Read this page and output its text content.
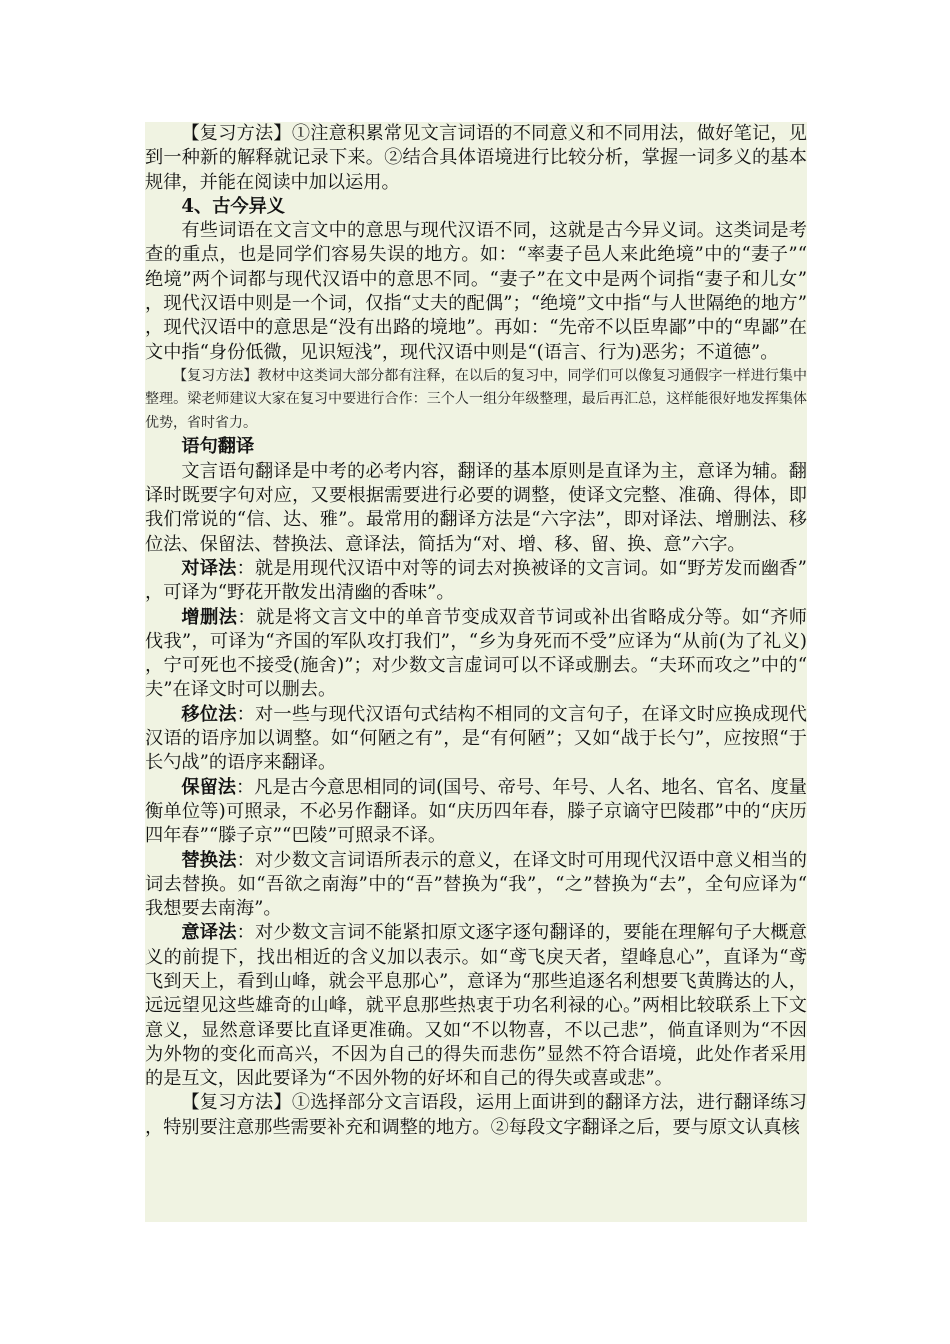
【复习方法】①注意积累常见文言词语的不同意义和不同用法，做好笔记，见到一种新的解释就记录下来。②结合具体语境进行比较分析，掌握一词多义的基本规律，并能在阅读中加以运用。

4、古今异义

有些词语在文言文中的意思与现代汉语不同，这就是古今异义词。这类词是考查的重点，也是同学们容易失误的地方。如：“率妻子邑人来此绝境”中的“妻子”“绝境”两个词都与现代汉语中的意思不同。“妻子”在文中是两个词指“妻子和儿女”，现代汉语中则是一个词，仅指“丈夫的配偶”；“绝境”文中指“与人世隔绝的地方”，现代汉语中的意思是“没有出路的境地”。再如：“先帝不以臣卑鄙”中的“卑鄙”在文中指“身份低微，见识短浅”，现代汉语中则是“(语言、行为)恶劣；不道德”。

【复习方法】教材中这类词大部分都有注释，在以后的复习中，同学们可以像复习通假字一样进行集中整理。梁老师建议大家在复习中要进行合作：三个人一组分年级整理，最后再汇总，这样能很好地发挥集体优势，省时省力。

语句翻译

文言语句翻译是中考的必考内容，翻译的基本原则是直译为主，意译为辅。翻译时既要字句对应，又要根据需要进行必要的调整，使译文完整、准确、得体，即我们常说的“信、达、雅”。最常用的翻译方法是“六字法”，即对译法、增删法、移位法、保留法、替换法、意译法，简括为“对、增、移、留、换、意”六字。

对译法：就是用现代汉语中对等的词去对换被译的文言词。如“野芳发而幽香”，可译为“野花开散发出清幽的香味”。

增删法：就是将文言文中的单音节变成双音节词或补出省略成分等。如“齐师伐我”，可译为“齐国的军队攻打我们”，“乡为身死而不受”应译为“从前(为了礼义)，宁可死也不接受(施舍)”；对少数文言虚词可以不译或删去。“夫环而攻之”中的“夫”在译文时可以删去。

移位法：对一些与现代汉语句式结构不相同的文言句子，在译文时应换成现代汉语的语序加以调整。如“何陋之有”，是“有何陋”；又如“战于长勺”，应按照“于长勺战”的语序来翻译。

保留法：凡是古今意思相同的词(国号、帝号、年号、人名、地名、官名、度量衡单位等)可照录，不必另作翻译。如“庆历四年春，滕子京谪守巴陵郡”中的“庆历四年春”“滕子京”“巴陵”可照录不译。

替换法：对少数文言词语所表示的意义，在译文时可用现代汉语中意义相当的词去替换。如“吾欲之南海”中的“吾”替换为“我”，“之”替换为“去”，全句应译为“我想要去南海”。

意译法：对少数文言词不能紧扣原文逐字逐句翻译的，要能在理解句子大概意义的前提下，找出相近的含义加以表示。如“鸢飞戾天者，望峰息心”，直译为“鸢飞到天上，看到山峰，就会平息那心”，意译为“那些追逐名利想要飞黄腾达的人，远远望见这些雄奇的山峰，就平息那些热衷于功名利禄的心。”两相比较联系上下文意义，显然意译要比直译更准确。又如“不以物喜，不以己悲”，倘直译则为“不因为外物的变化而高兴，不因为自己的得失而悲伤”显然不符合语境，此处作者采用的是互文，因此要译为“不因外物的好坏和自己的得失或喜或悲”。

【复习方法】①选择部分文言语段，运用上面讲到的翻译方法，进行翻译练习，特别要注意那些需要补充和调整的地方。②每段文字翻译之后，要与原文认真核
